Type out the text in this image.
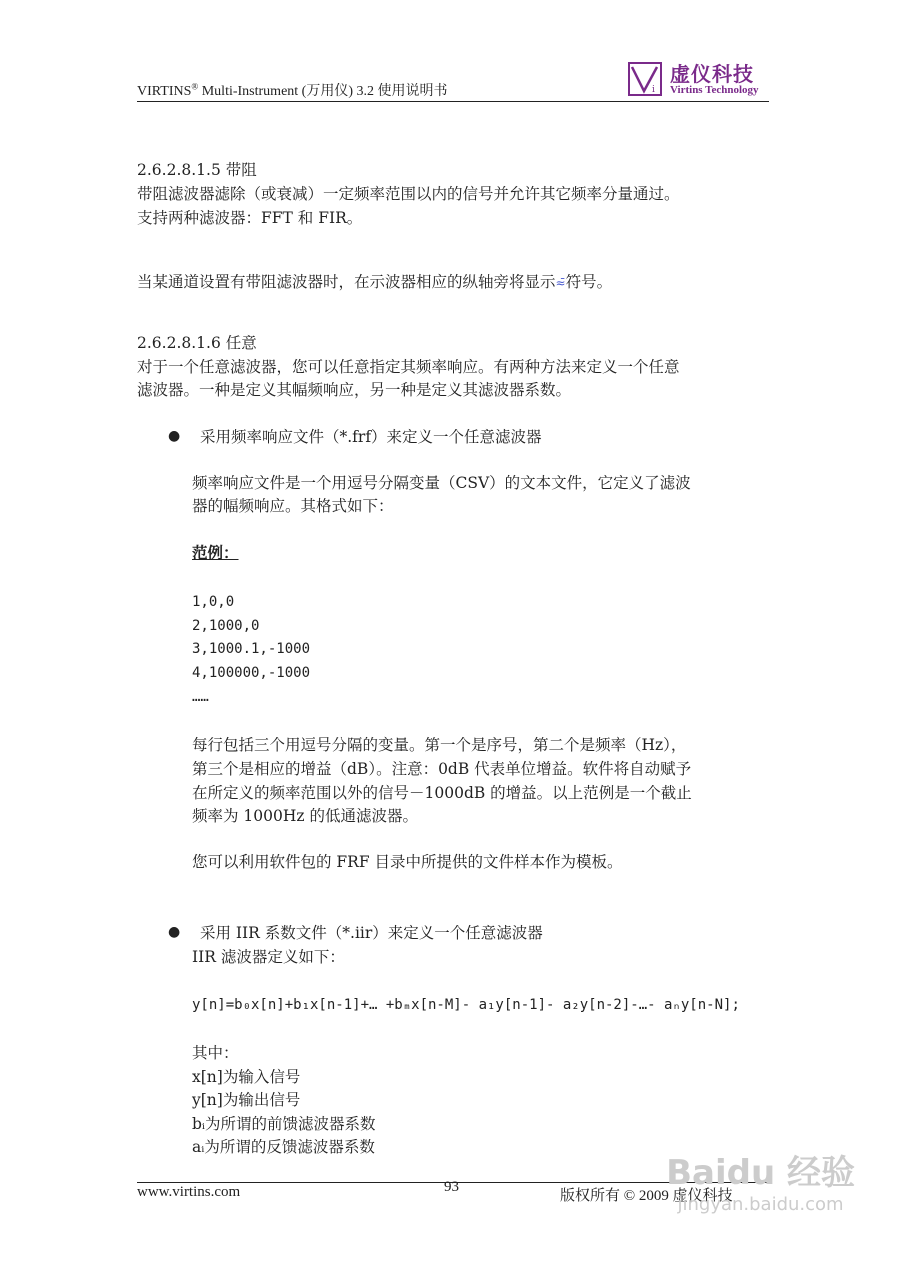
VIRTINS® Multi-Instrument (万用仪) 3.2 使用说明书	i
虚仪科技
Virtins Technology
2.6.2.8.1.5 带阻
带阻滤波器滤除（或衰减）一定频率范围以内的信号并允许其它频率分量通过。
支持两种滤波器：FFT 和 FIR。
当某通道设置有带阻滤波器时，在示波器相应的纵轴旁将显示≈̄符号。
2.6.2.8.1.6 任意
对于一个任意滤波器，您可以任意指定其频率响应。有两种方法来定义一个任意
滤波器。一种是定义其幅频响应，另一种是定义其滤波器系数。
● 采用频率响应文件（*.frf）来定义一个任意滤波器
频率响应文件是一个用逗号分隔变量（CSV）的文本文件，它定义了滤波
器的幅频响应。其格式如下：
范例：
1,0,0
2,1000,0
3,1000.1,-1000
4,100000,-1000
……
每行包括三个用逗号分隔的变量。第一个是序号，第二个是频率（Hz），
第三个是相应的增益（dB）。注意：0dB 代表单位增益。软件将自动赋予
在所定义的频率范围以外的信号－1000dB 的增益。以上范例是一个截止
频率为 1000Hz 的低通滤波器。
您可以利用软件包的 FRF 目录中所提供的文件样本作为模板。
● 采用 IIR 系数文件（*.iir）来定义一个任意滤波器
IIR 滤波器定义如下：
y[n]=b₀x[n]+b₁x[n-1]+… +bₘx[n-M]- a₁y[n-1]- a₂y[n-2]-…- aₙy[n-N];
其中：
x[n]为输入信号
y[n]为输出信号
bᵢ为所谓的前馈滤波器系数
aᵢ为所谓的反馈滤波器系数
www.virtins.com	93
版权所有 © 2009 虚仪科技
Baidu 经验
jingyan.baidu.com
